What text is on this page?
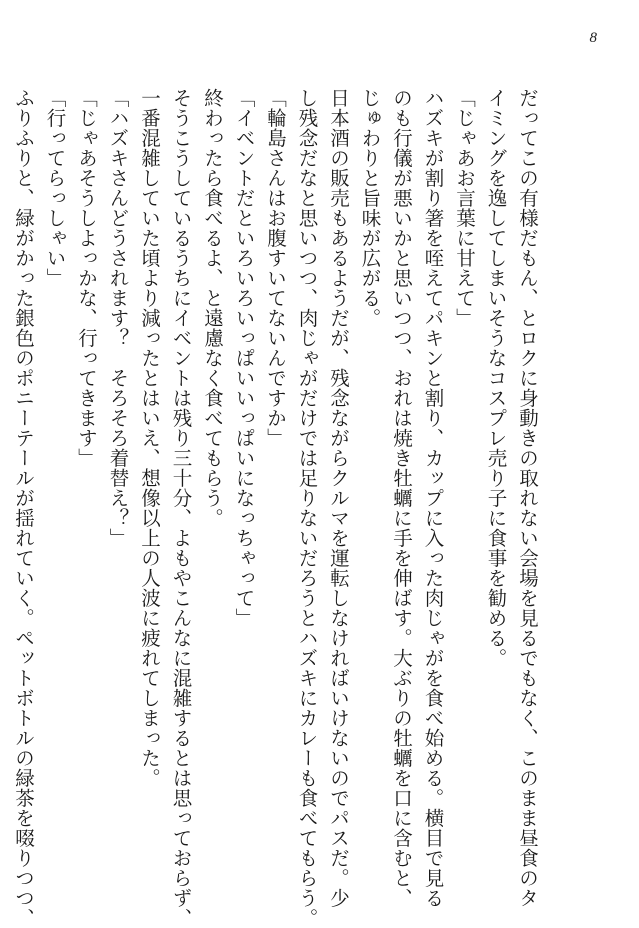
8
だってこの有様だもん、とロクに身動きの取れない会場を見るでもなく、このまま昼食のタ
イミングを逸してしまいそうなコスプレ売り子に食事を勧める。
「じゃあお言葉に甘えて」
ハズキが割り箸を咥えてパキンと割り、カップに入った肉じゃがを食べ始める。横目で見る
のも行儀が悪いかと思いつつ、おれは焼き牡蠣に手を伸ばす。大ぶりの牡蠣を口に含むと、
じゅわりと旨味が広がる。
日本酒の販売もあるようだが、残念ながらクルマを運転しなければいけないのでパスだ。少
し残念だなと思いつつ、肉じゃがだけでは足りないだろうとハズキにカレーも食べてもらう。
「輪島さんはお腹すいてないんですか」
「イベントだといろいろいっぱいいっぱいになっちゃって」
終わったら食べるよ、と遠慮なく食べてもらう。
そうこうしているうちにイベントは残り三十分、よもやこんなに混雑するとは思っておらず、
一番混雑していた頃より減ったとはいえ、想像以上の人波に疲れてしまった。
「ハズキさんどうされます？　そろそろ着替え？」
「じゃあそうしよっかな、行ってきます」
「行ってらっしゃい」
ふりふりと、緑がかった銀色のポニーテールが揺れていく。ペットボトルの緑茶を啜りつつ、
